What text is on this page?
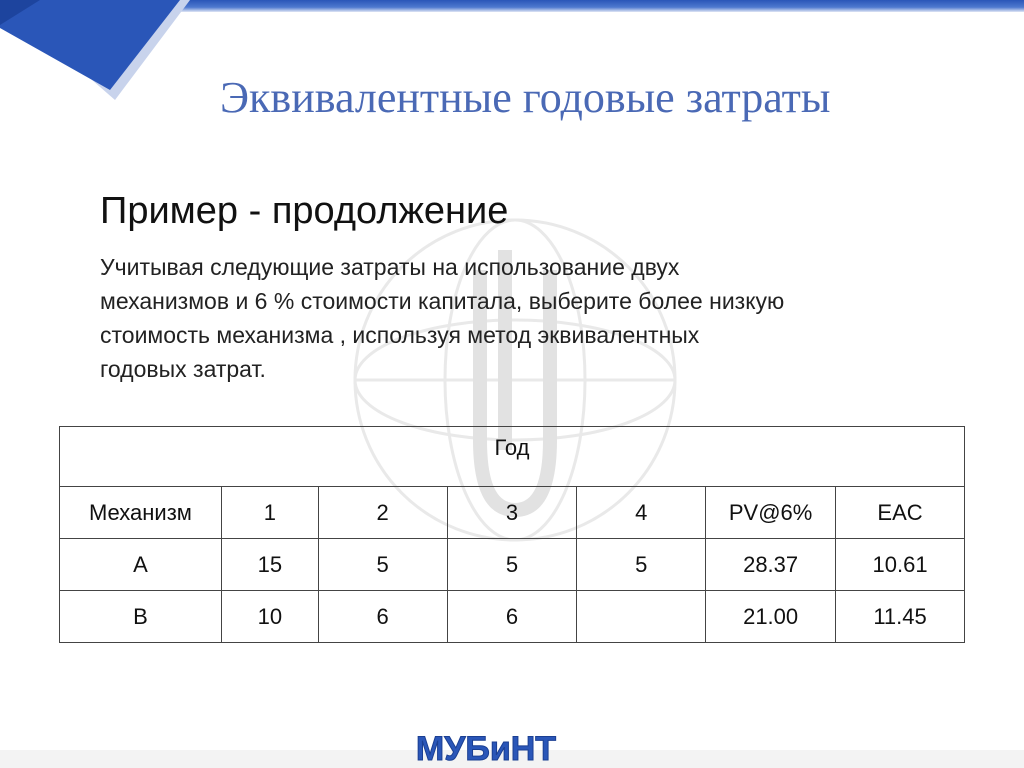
Эквивалентные годовые затраты
Пример - продолжение
Учитывая следующие затраты на использование двух
механизмов и 6 % стоимости капитала, выберите более низкую
стоимость механизма , используя метод эквивалентных
годовых затрат.
Год						
Механизм	1	2	3	4	PV@6%	EAC
A	15	5	5	5	28.37	10.61
B	10	6	6		21.00	11.45
МУБиНТ
